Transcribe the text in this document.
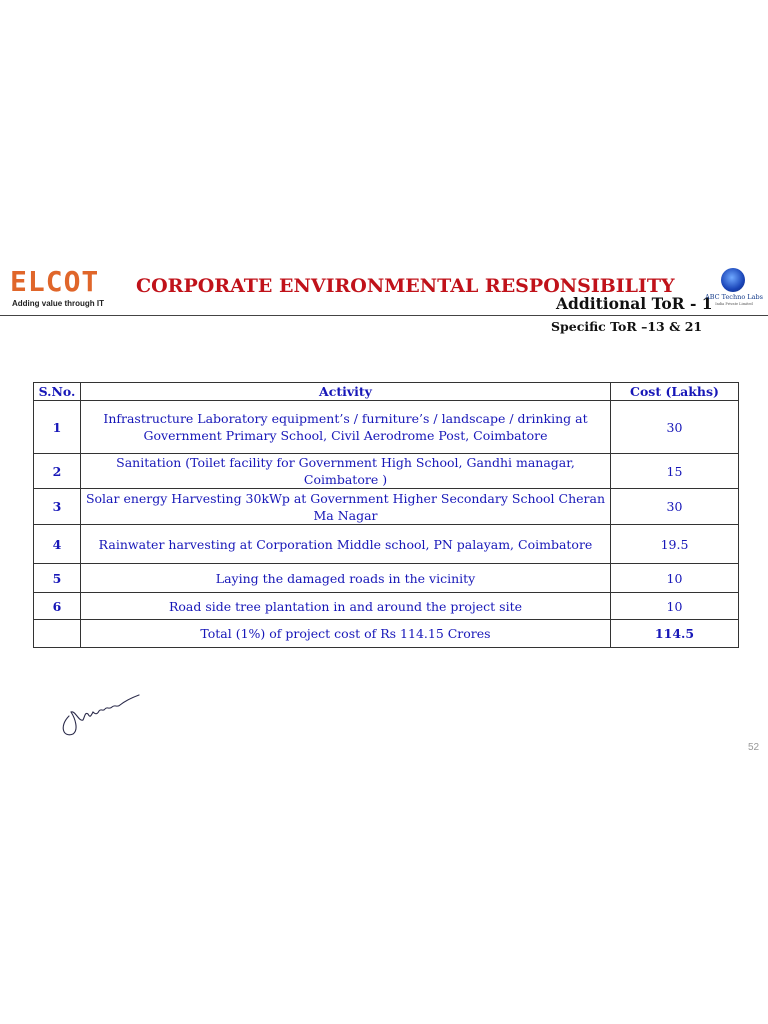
ELCOT
Adding value through IT
CORPORATE ENVIRONMENTAL RESPONSIBILITY
Additional ToR - 1
ABC Techno Labs
India Private Limited
Specific ToR –13 & 21
S.No.	Activity	Cost (Lakhs)
1	Infrastructure Laboratory equipment’s / furniture’s / landscape / drinking at Government Primary School, Civil Aerodrome Post, Coimbatore	30
2	Sanitation (Toilet facility for Government High School, Gandhi managar, Coimbatore )	15
3	Solar energy Harvesting 30kWp at Government Higher Secondary School Cheran Ma Nagar	30
4	Rainwater harvesting at Corporation Middle school, PN palayam, Coimbatore	19.5
5	Laying the damaged roads in the vicinity	10
6	Road side tree plantation in and around the project site	10
	Total (1%) of project cost of Rs 114.15 Crores	114.5
52
